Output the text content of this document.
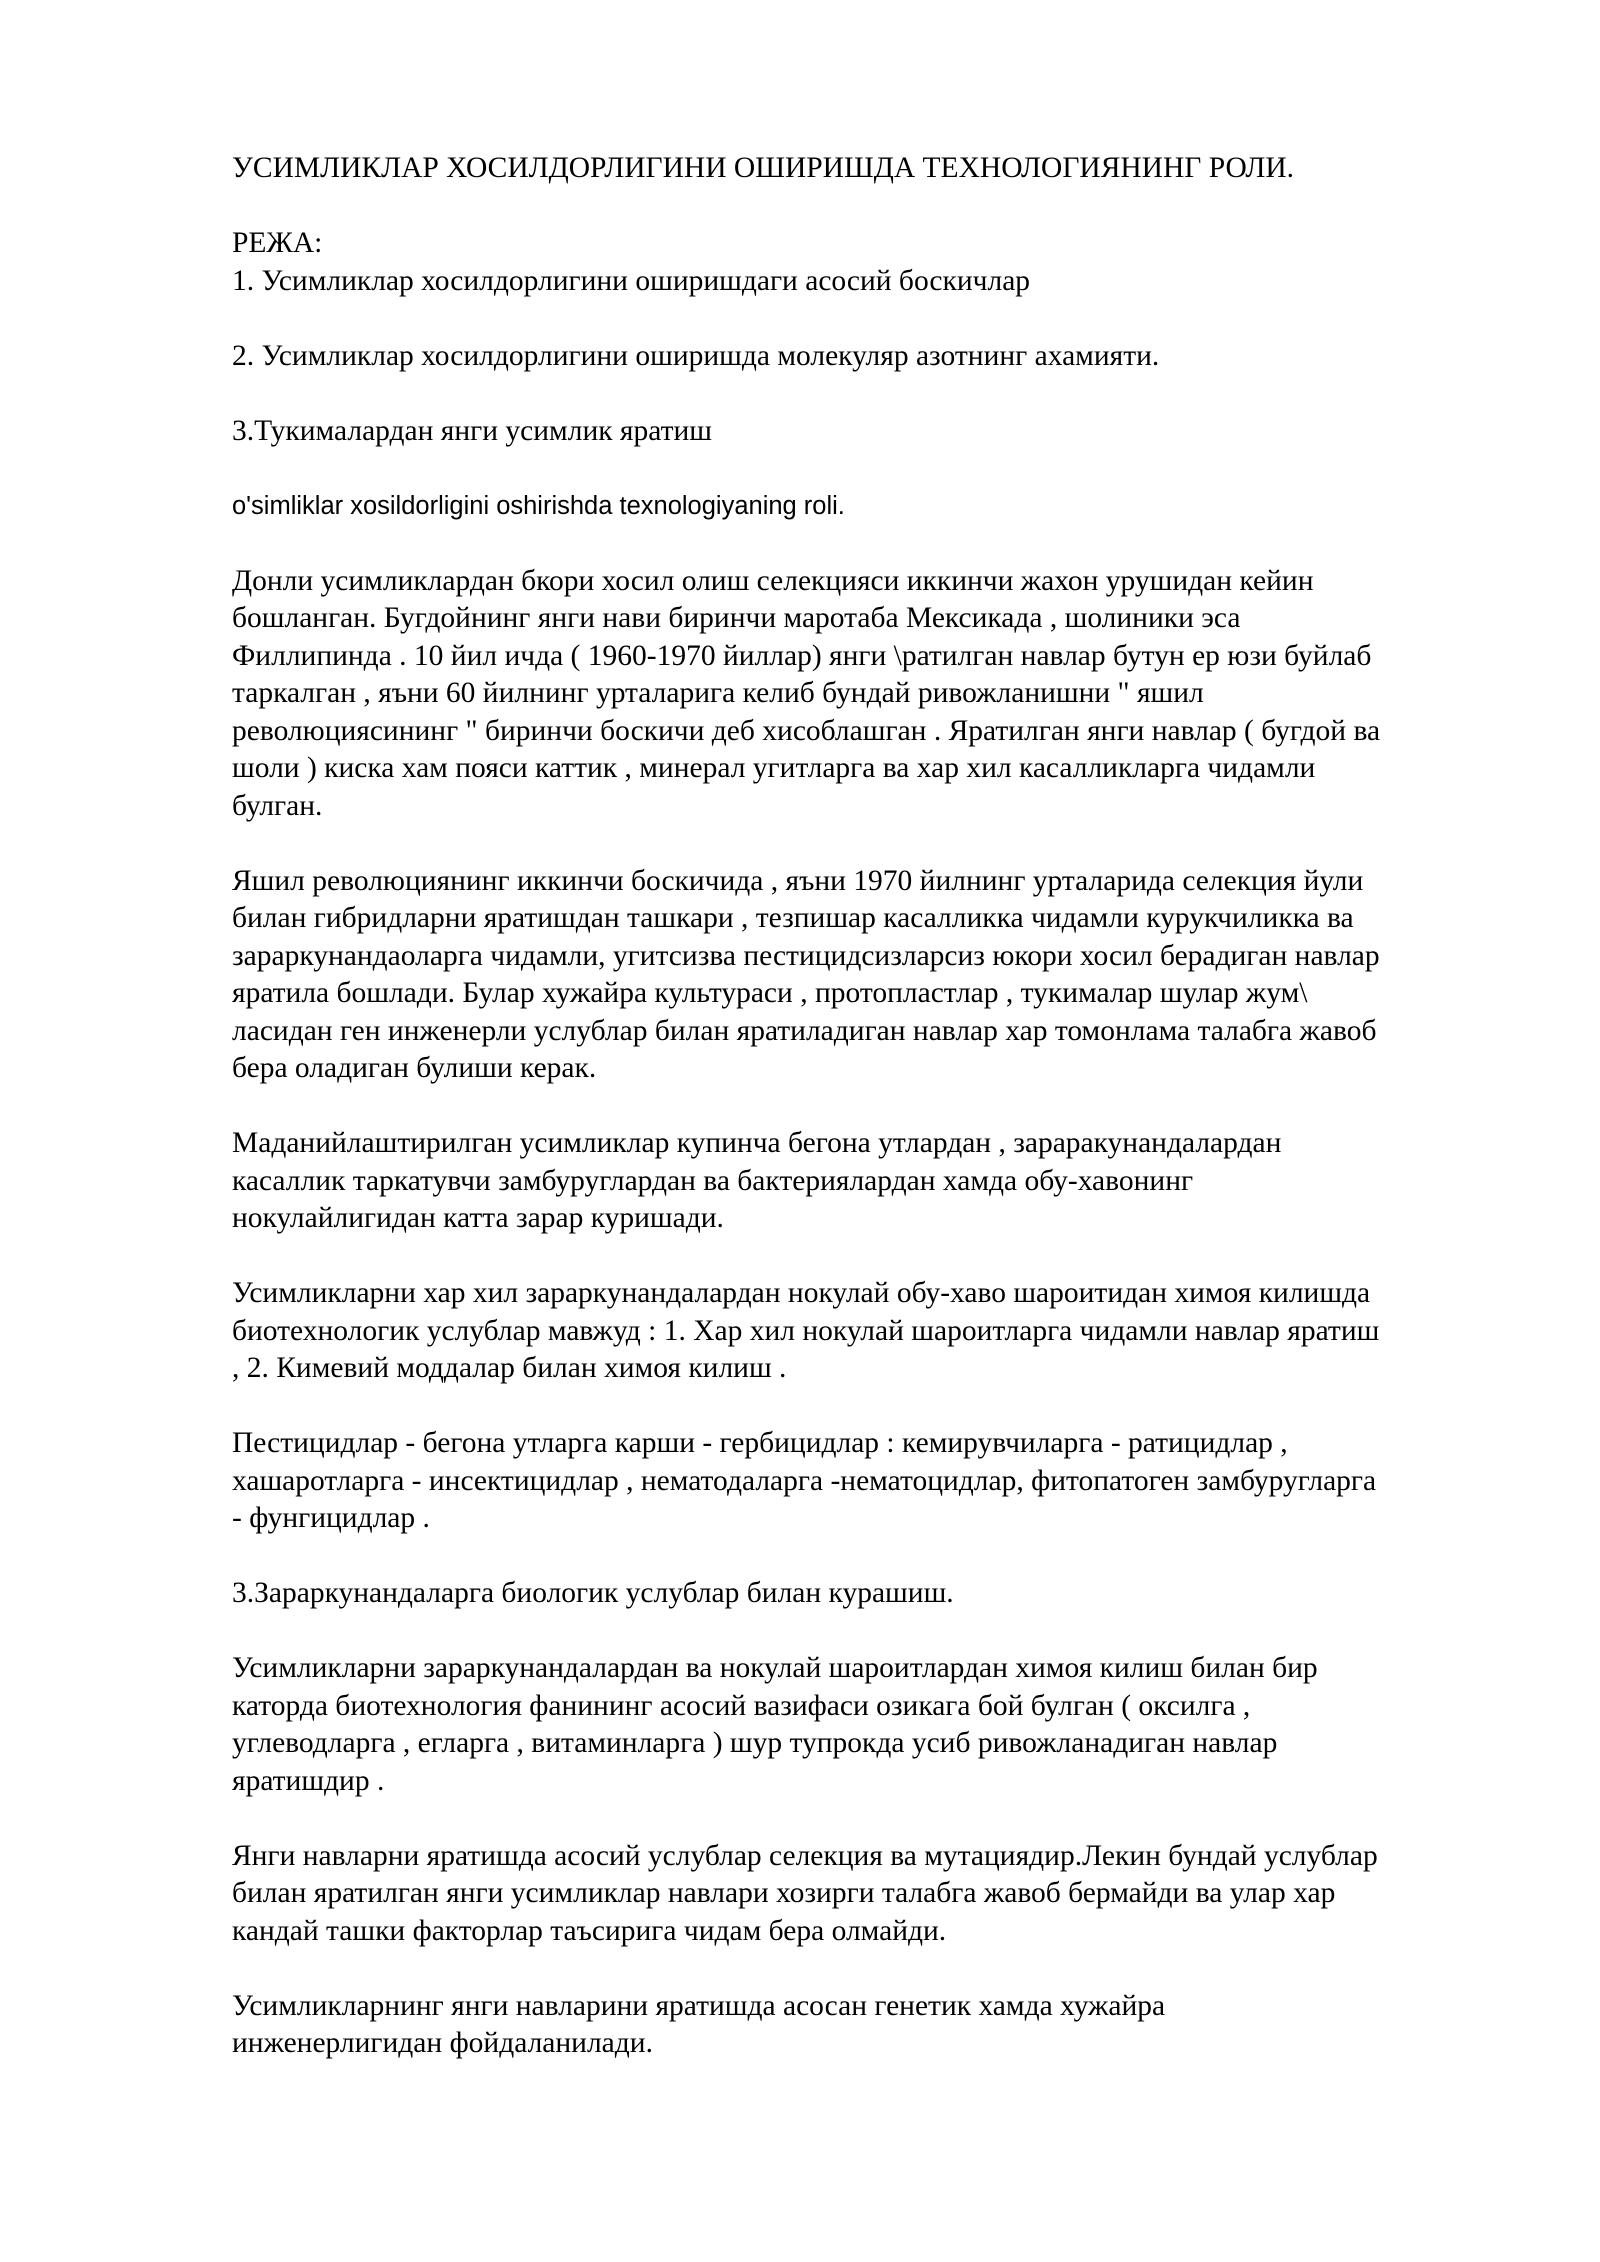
УСИМЛИКЛАР ХОСИЛДОРЛИГИНИ ОШИРИШДА ТЕХНОЛОГИЯНИНГ РОЛИ.

РЕЖА:

1. Усимликлар хосилдорлигини оширишдаги асосий боскичлар

2. Усимликлар хосилдорлигини оширишда молекуляр азотнинг ахамияти.

3.Тукималардан янги усимлик яратиш

o'simliklar xosildorligini oshirishda texnologiyaning roli.

Донли усимликлардан бкори хосил олиш селекцияси иккинчи жахон урушидан кейин
бошланган. Бугдойнинг янги нави биринчи маротаба Мексикада , шолиники эса
Филлипинда . 10 йил ичда ( 1960-1970 йиллар) янги \ратилган навлар бутун ер юзи буйлаб
таркалган , яъни 60 йилнинг урталарига келиб бундай ривожланишни " яшил
революциясининг " биринчи боскичи деб хисоблашган . Яратилган янги навлар ( бугдой ва
шоли ) киска хам пояси каттик , минерал угитларга ва хар хил касалликларга чидамли
булган.

Яшил революциянинг иккинчи боскичида , яъни 1970 йилнинг урталарида селекция йули
билан гибридларни яратишдан ташкари , тезпишар касалликка чидамли курукчиликка ва
зараркунандаоларга чидамли, угитсизва пестицидсизларсиз юкори хосил берадиган навлар
яратила бошлади. Булар хужайра культураси , протопластлар , тукималар шулар жум\
ласидан ген инженерли услублар билан яратиладиган навлар хар томонлама талабга жавоб
бера оладиган булиши керак.

Маданийлаштирилган усимликлар купинча бегона утлардан , зараракунандалардан
касаллик таркатувчи замбуруглардан ва бактериялардан хамда обу-хавонинг
нокулайлигидан катта зарар куришади.

Усимликларни хар хил зараркунандалардан нокулай обу-хаво шароитидан химоя килишда
биотехнологик услублар мавжуд : 1. Хар хил нокулай шароитларга чидамли навлар яратиш
, 2. Кимевий моддалар билан химоя килиш .

Пестицидлар - бегона утларга карши - гербицидлар : кемирувчиларга - ратицидлар ,
хашаротларга - инсектицидлар , нематодаларга -нематоцидлар, фитопатоген замбуругларга
- фунгицидлар .

3.Зараркунандаларга биологик услублар билан курашиш.

Усимликларни зараркунандалардан ва нокулай шароитлардан химоя килиш билан бир
каторда биотехнология фанининг асосий вазифаси озикага бой булган ( оксилга ,
углеводларга , егларга , витаминларга ) шур тупрокда усиб ривожланадиган навлар
яратишдир .

Янги навларни яратишда асосий услублар селекция ва мутациядир.Лекин бундай услублар
билан яратилган янги усимликлар навлари хозирги талабга жавоб бермайди ва улар хар
кандай ташки факторлар таъсирига чидам бера олмайди.

Усимликларнинг янги навларини яратишда асосан генетик хамда хужайра
инженерлигидан фойдаланилади.
